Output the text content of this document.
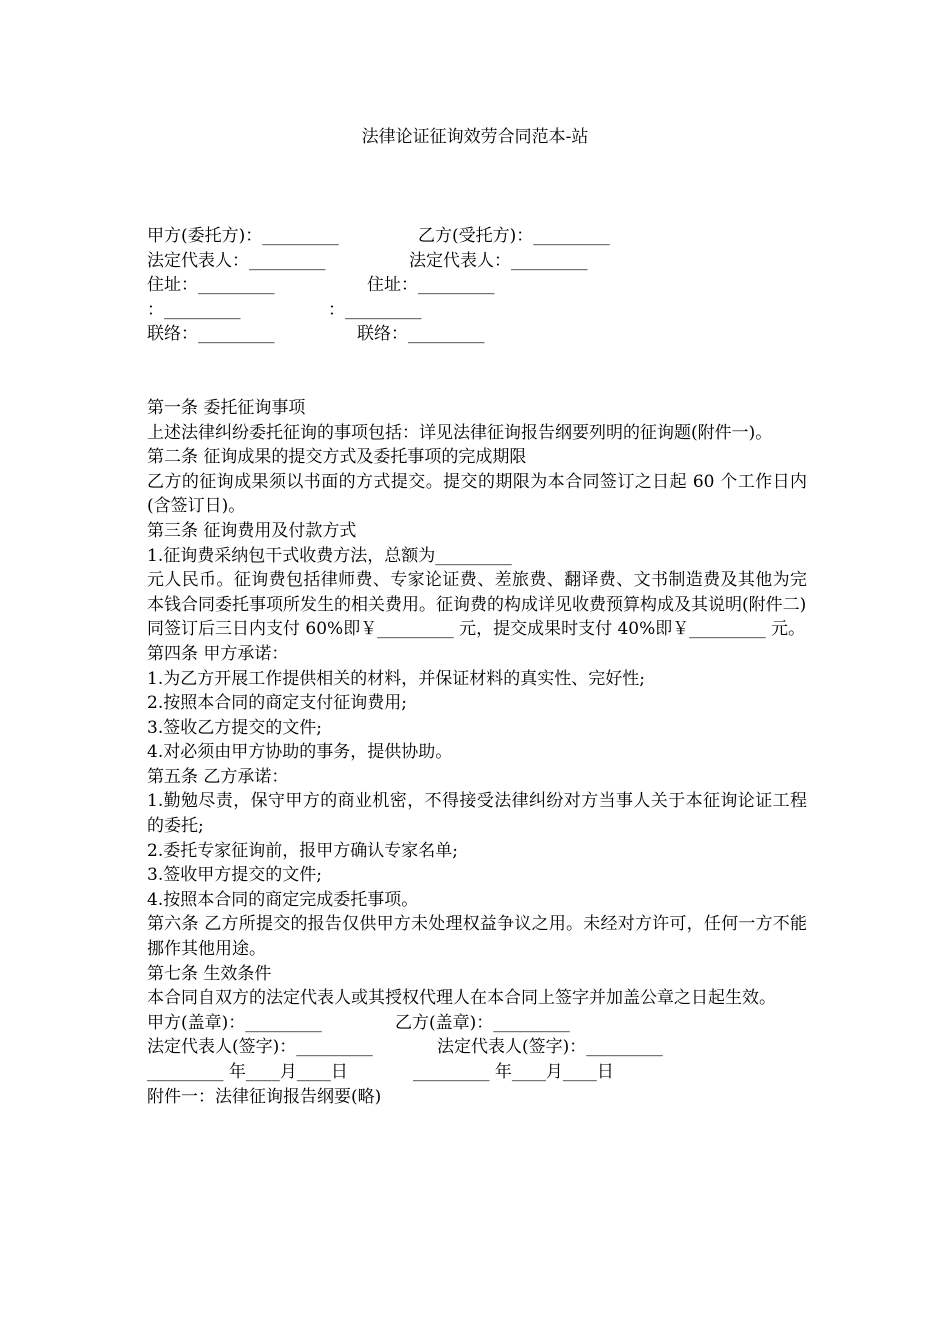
法律论证征询效劳合同范本-站
甲方(委托方)：_________	乙方(受托方)：_________
法定代表人：_________	法定代表人：_________
住址：_________	住址：_________
：_________	：_________
联络：_________	联络：_________

第一条 委托征询事项

上述法律纠纷委托征询的事项包括：详见法律征询报告纲要列明的征询题(附件一)。

第二条 征询成果的提交方式及委托事项的完成期限

乙方的征询成果须以书面的方式提交。提交的期限为本合同签订之日起 60 个工作日内(含签订日)。

第三条 征询费用及付款方式

1.征询费采纳包干式收费方法，总额为_________

元人民币。征询费包括律师费、专家论证费、差旅费、翻译费、文书制造费及其他为完本钱合同委托事项所发生的相关费用。征询费的构成详见收费预算构成及其说明(附件二)

同签订后三日内支付 60%即￥_________ 元，提交成果时支付 40%即￥_________ 元。

第四条 甲方承诺：

1.为乙方开展工作提供相关的材料，并保证材料的真实性、完好性;

2.按照本合同的商定支付征询费用;

3.签收乙方提交的文件;

4.对必须由甲方协助的事务，提供协助。

第五条 乙方承诺：

1.勤勉尽责，保守甲方的商业机密，不得接受法律纠纷对方当事人关于本征询论证工程的委托;

2.委托专家征询前，报甲方确认专家名单;

3.签收甲方提交的文件;

4.按照本合同的商定完成委托事项。

第六条 乙方所提交的报告仅供甲方未处理权益争议之用。未经对方许可，任何一方不能挪作其他用途。

第七条 生效条件

本合同自双方的法定代表人或其授权代理人在本合同上签字并加盖公章之日起生效。

甲方(盖章)：_________	乙方(盖章)：_________
法定代表人(签字)：_________	法定代表人(签字)：_________
_________ 年____月____日	_________ 年____月____日

附件一：法律征询报告纲要(略)
